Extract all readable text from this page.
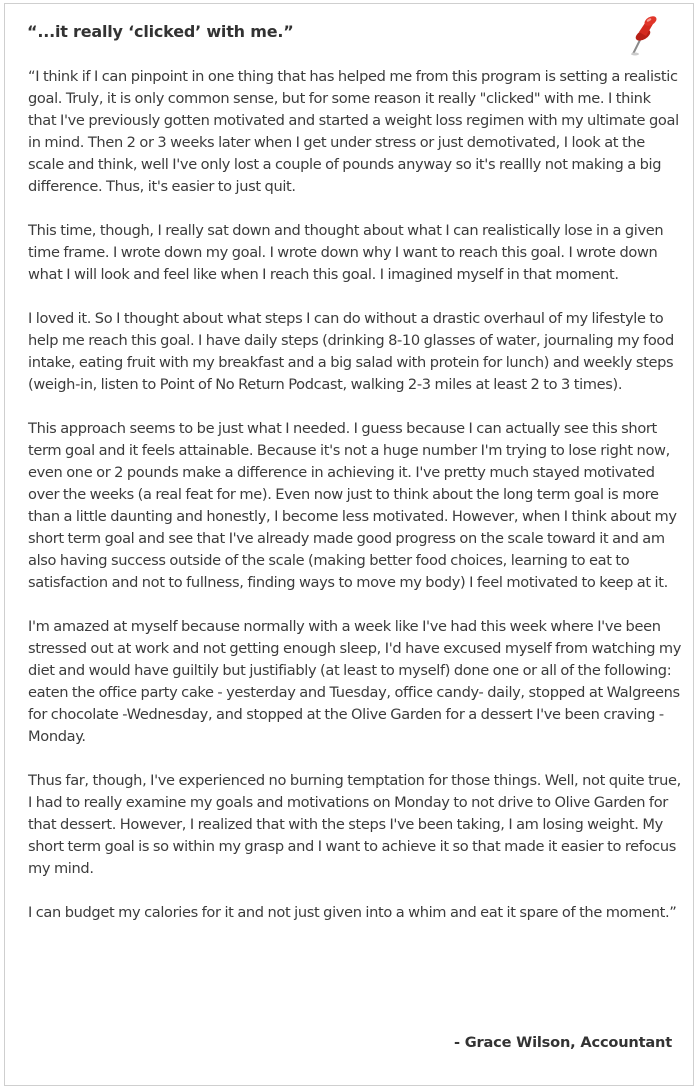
“...it really ‘clicked’ with me.”

“I think if I can pinpoint in one thing that has helped me from this program is setting a realistic goal. Truly, it is only common sense, but for some reason it really "clicked" with me. I think that I've previously gotten motivated and started a weight loss regimen with my ultimate goal in mind. Then 2 or 3 weeks later when I get under stress or just demotivated, I look at the scale and think, well I've only lost a couple of pounds anyway so it's reallly not making a big difference. Thus, it's easier to just quit.

This time, though, I really sat down and thought about what I can realistically lose in a given time frame. I wrote down my goal. I wrote down why I want to reach this goal. I wrote down what I will look and feel like when I reach this goal. I imagined myself in that moment.

I loved it. So I thought about what steps I can do without a drastic overhaul of my lifestyle to help me reach this goal. I have daily steps (drinking 8-10 glasses of water, journaling my food intake, eating fruit with my breakfast and a big salad with protein for lunch) and weekly steps (weigh-in, listen to Point of No Return Podcast, walking 2-3 miles at least 2 to 3 times).

This approach seems to be just what I needed. I guess because I can actually see this short term goal and it feels attainable. Because it's not a huge number I'm trying to lose right now, even one or 2 pounds make a difference in achieving it. I've pretty much stayed motivated over the weeks (a real feat for me). Even now just to think about the long term goal is more than a little daunting and honestly, I become less motivated. However, when I think about my short term goal and see that I've already made good progress on the scale toward it and am also having success outside of the scale (making better food choices, learning to eat to satisfaction and not to fullness, finding ways to move my body) I feel motivated to keep at it.

I'm amazed at myself because normally with a week like I've had this week where I've been stressed out at work and not getting enough sleep, I'd have excused myself from watching my diet and would have guiltily but justifiably (at least to myself) done one or all of the following: eaten the office party cake - yesterday and Tuesday, office candy- daily, stopped at Walgreens for chocolate -Wednesday, and stopped at the Olive Garden for a dessert I've been craving - Monday.

Thus far, though, I've experienced no burning temptation for those things. Well, not quite true, I had to really examine my goals and motivations on Monday to not drive to Olive Garden for that dessert. However, I realized that with the steps I've been taking, I am losing weight. My short term goal is so within my grasp and I want to achieve it so that made it easier to refocus my mind.

I can budget my calories for it and not just given into a whim and eat it spare of the moment.”

- Grace Wilson, Accountant
